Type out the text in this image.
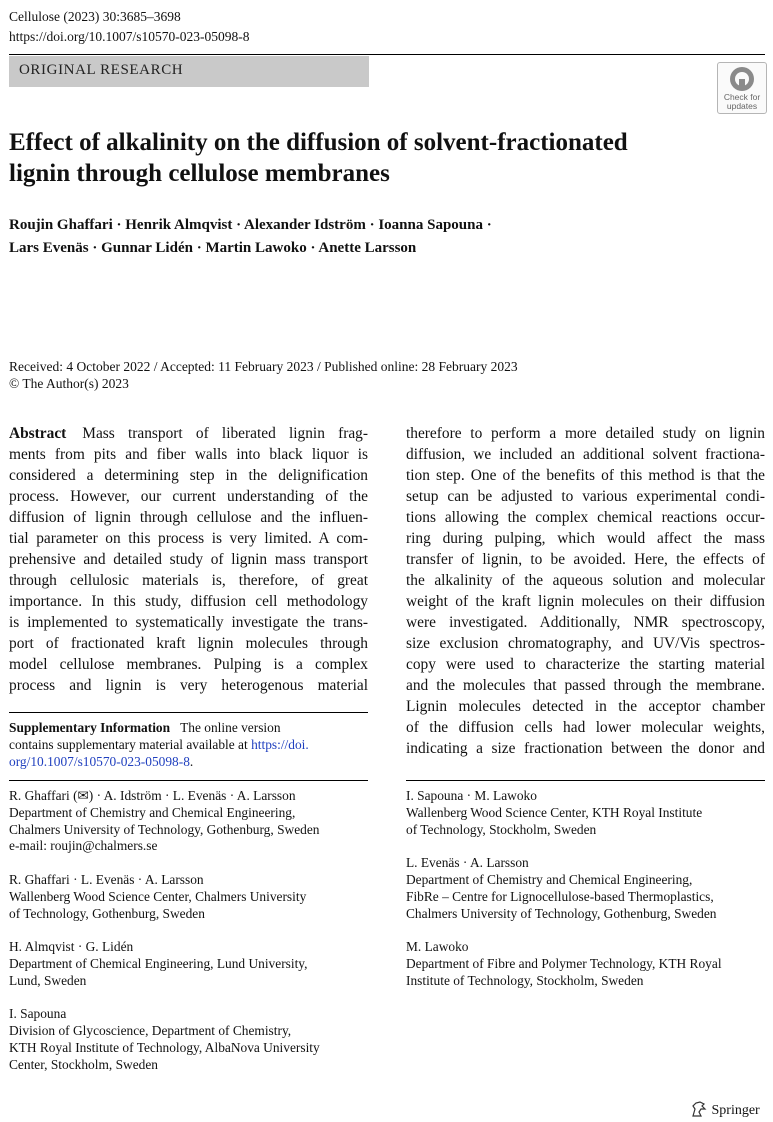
Cellulose (2023) 30:3685–3698
https://doi.org/10.1007/s10570-023-05098-8
ORIGINAL RESEARCH
Check for
updates
Effect of alkalinity on the diffusion of solvent-fractionated
lignin through cellulose membranes
Roujin Ghaffari · Henrik Almqvist · Alexander Idström · Ioanna Sapouna ·
Lars Evenäs · Gunnar Lidén · Martin Lawoko · Anette Larsson
Received: 4 October 2022 / Accepted: 11 February 2023 / Published online: 28 February 2023
© The Author(s) 2023
Abstract Mass transport of liberated lignin frag-
ments from pits and fiber walls into black liquor is
considered a determining step in the delignification
process. However, our current understanding of the
diffusion of lignin through cellulose and the influen-
tial parameter on this process is very limited. A com-
prehensive and detailed study of lignin mass transport
through cellulosic materials is, therefore, of great
importance. In this study, diffusion cell methodology
is implemented to systematically investigate the trans-
port of fractionated kraft lignin molecules through
model cellulose membranes. Pulping is a complex
process and lignin is very heterogenous material
therefore to perform a more detailed study on lignin
diffusion, we included an additional solvent fractiona-
tion step. One of the benefits of this method is that the
setup can be adjusted to various experimental condi-
tions allowing the complex chemical reactions occur-
ring during pulping, which would affect the mass
transfer of lignin, to be avoided. Here, the effects of
the alkalinity of the aqueous solution and molecular
weight of the kraft lignin molecules on their diffusion
were investigated. Additionally, NMR spectroscopy,
size exclusion chromatography, and UV/Vis spectros-
copy were used to characterize the starting material
and the molecules that passed through the membrane.
Lignin molecules detected in the acceptor chamber
of the diffusion cells had lower molecular weights,
indicating a size fractionation between the donor and
Supplementary Information The online version
contains supplementary material available at https://doi.
org/10.1007/s10570-023-05098-8.
R. Ghaffari (✉) · A. Idström · L. Evenäs · A. Larsson
Department of Chemistry and Chemical Engineering,
Chalmers University of Technology, Gothenburg, Sweden
e-mail: roujin@chalmers.se
R. Ghaffari · L. Evenäs · A. Larsson
Wallenberg Wood Science Center, Chalmers University
of Technology, Gothenburg, Sweden
H. Almqvist · G. Lidén
Department of Chemical Engineering, Lund University,
Lund, Sweden
I. Sapouna
Division of Glycoscience, Department of Chemistry,
KTH Royal Institute of Technology, AlbaNova University
Center, Stockholm, Sweden
I. Sapouna · M. Lawoko
Wallenberg Wood Science Center, KTH Royal Institute
of Technology, Stockholm, Sweden
L. Evenäs · A. Larsson
Department of Chemistry and Chemical Engineering,
FibRe – Centre for Lignocellulose-based Thermoplastics,
Chalmers University of Technology, Gothenburg, Sweden
M. Lawoko
Department of Fibre and Polymer Technology, KTH Royal
Institute of Technology, Stockholm, Sweden
Springer
